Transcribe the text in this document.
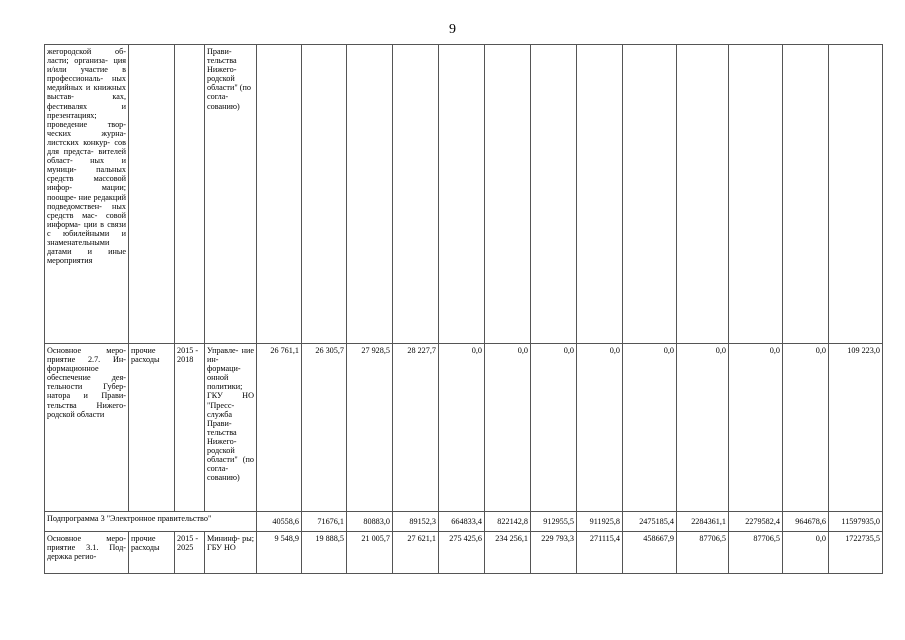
9
жегородской об- ласти; организа- ция и/или участие в профессиональ- ных медийных и книжных выстав- ках, фестивалях и презентациях; проведение твор- ческих журна- листских конкур- сов для предста- вителей област- ных и муници- пальных средств массовой инфор- мации; поощре- ние редакций подведомствен- ных средств мас- совой информа- ции в связи с юбилейными и знаменательными датами и иные мероприятия			Прави- тельства Нижего- родской области" (по согла- сованию)													
Основное меро- приятие 2.7. Ин- формационное обеспечение дея- тельности Губер- натора и Прави- тельства Нижего- родской области	прочие расходы	2015 - 2018	Управле- ние ин- формаци- онной политики; ГКУ НО "Пресс- служба Прави- тельства Нижего- родской области" (по согла- сованию)	26 761,1	26 305,7	27 928,5	28 227,7	0,0	0,0	0,0	0,0	0,0	0,0	0,0	0,0	109 223,0
Подпрограмма 3 "Электронное правительство"				40558,6	71676,1	80883,0	89152,3	664833,4	822142,8	912955,5	911925,8	2475185,4	2284361,1	2279582,4	964678,6	11597935,0
Основное меро- приятие 3.1. Под- держка регио-	прочие расходы	2015 - 2025	Мининф- ры; ГБУ НО	9 548,9	19 888,5	21 005,7	27 621,1	275 425,6	234 256,1	229 793,3	271115,4	458667,9	87706,5	87706,5	0,0	1722735,5
